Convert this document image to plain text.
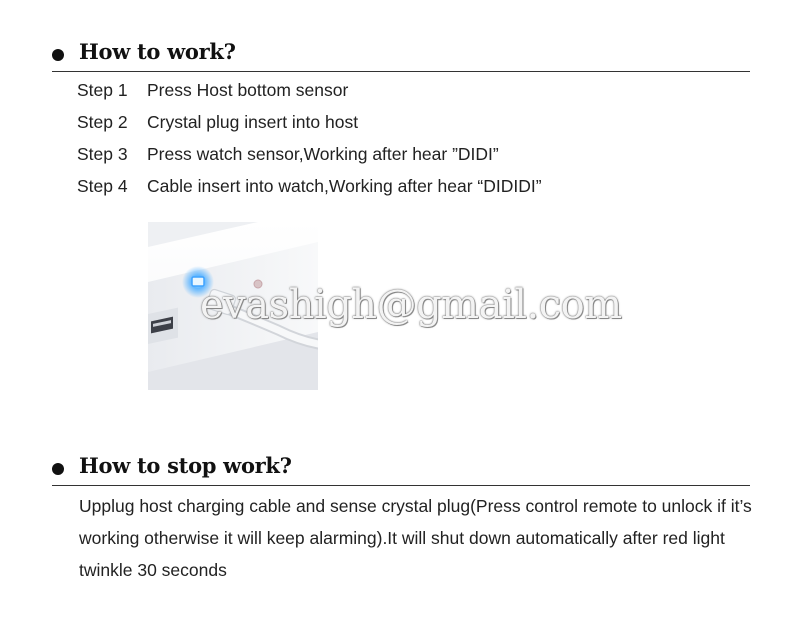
How to work?
Step 1 Press Host bottom sensor
Step 2 Crystal plug insert into host
Step 3 Press watch sensor,Working after hear ”DIDI”
Step 4 Cable insert into watch,Working after hear “DIDIDI”
evashigh@gmail.com
How to stop work?

Upplug host charging cable and sense crystal plug(Press control remote to unlock if it’s working otherwise it will keep alarming).It will shut down automatically after red light twinkle 30 seconds
